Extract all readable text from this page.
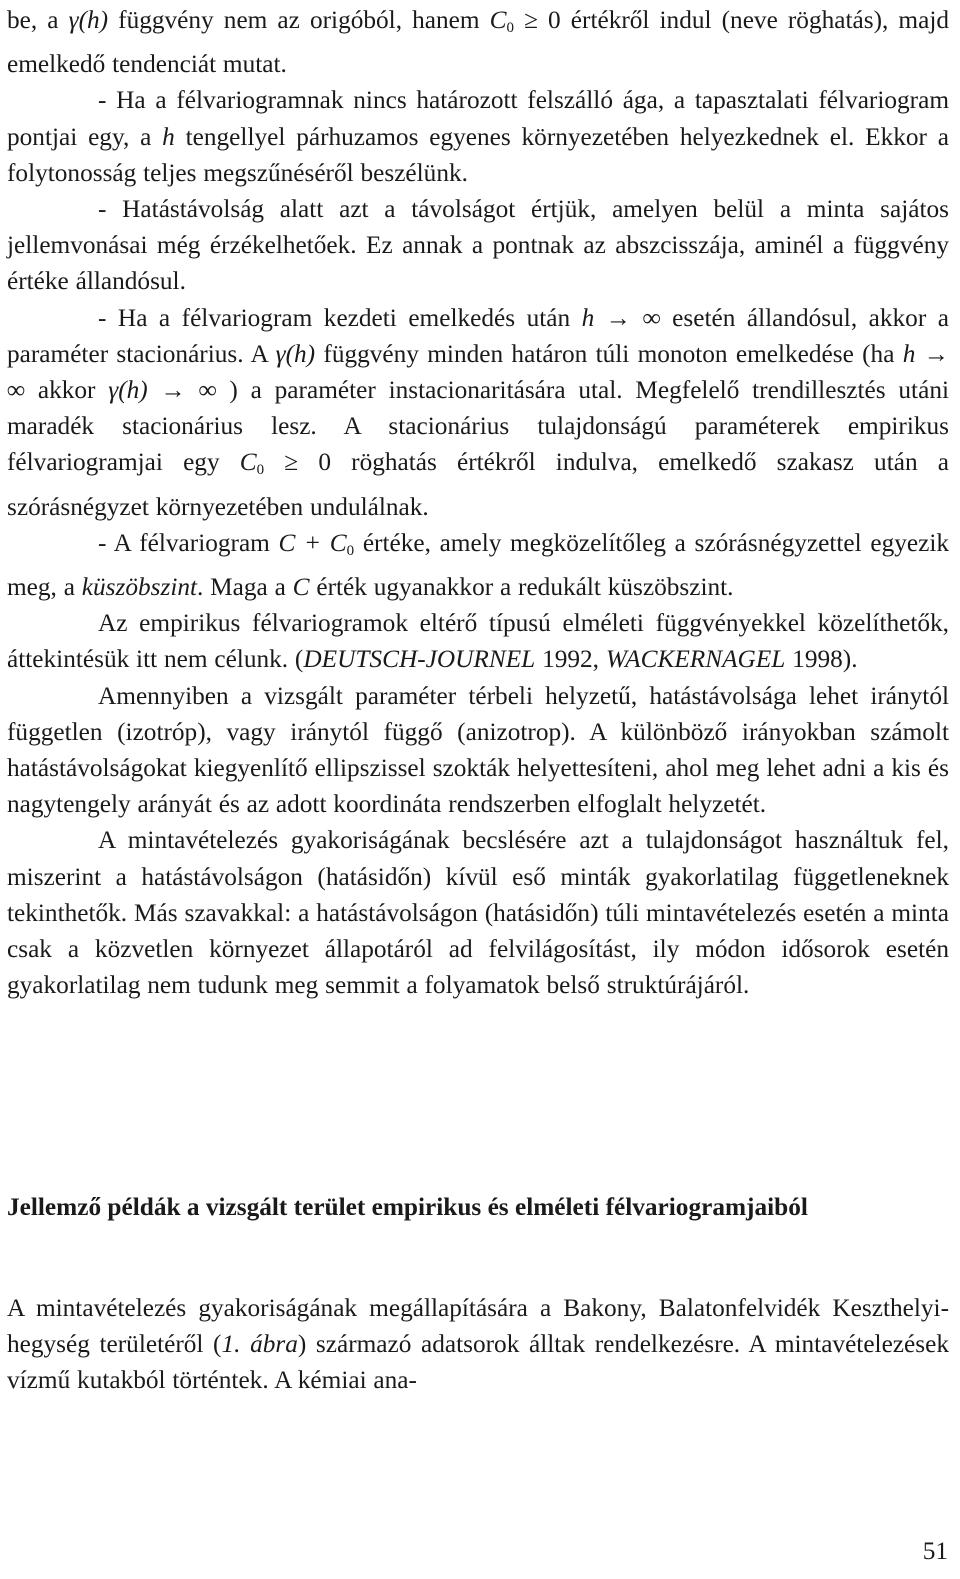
be, a γ(h) függvény nem az origóból, hanem $C_0 \ge 0$ értékről indul (neve röghatás), majd emelkedő tendenciát mutat.

- Ha a félvariogramnak nincs határozott felszálló ága, a tapasztalati félvariogram pontjai egy, a h tengellyel párhuzamos egyenes környezetében helyezkednek el. Ekkor a folytonosság teljes megszűnéséről beszélünk.

- Hatástávolság alatt azt a távolságot értjük, amelyen belül a minta sajátos jellemvonásai még érzékelhetőek. Ez annak a pontnak az abszcisszája, aminél a függvény értéke állandósul.

- Ha a félvariogram kezdeti emelkedés után h → ∞ esetén állandósul, akkor a paraméter stacionárius. A γ(h) függvény minden határon túli monoton emelkedése (ha h → ∞ akkor γ(h) → ∞ ) a paraméter instacionaritására utal. Megfelelő trendillesztés utáni maradék stacionárius lesz. A stacionárius tulajdonságú paraméterek empirikus félvariogramjai egy $C_0 \ge 0$ röghatás értékről indulva, emelkedő szakasz után a szórásnégyzet környezetében undulálnak.

- A félvariogram $C + C_0$ értéke, amely megközelítőleg a szórásnégyzettel egyezik meg, a küszöbszint. Maga a C érték ugyanakkor a redukált küszöbszint.

Az empirikus félvariogramok eltérő típusú elméleti függvényekkel közelíthetők, áttekintésük itt nem célunk. (DEUTSCH-JOURNEL 1992, WACKERNAGEL 1998).

Amennyiben a vizsgált paraméter térbeli helyzetű, hatástávolsága lehet iránytól független (izotróp), vagy iránytól függő (anizotrop). A különböző irányokban számolt hatástávolságokat kiegyenlítő ellipszissel szokták helyettesíteni, ahol meg lehet adni a kis és nagytengely arányát és az adott koordináta rendszerben elfoglalt helyzetét.

A mintavételezés gyakoriságának becslésére azt a tulajdonságot használtuk fel, miszerint a hatástávolságon (hatásidőn) kívül eső minták gyakorlatilag függetleneknek tekinthetők. Más szavakkal: a hatástávolságon (hatásidőn) túli mintavételezés esetén a minta csak a közvetlen környezet állapotáról ad felvilágosítást, ily módon idősorok esetén gyakorlatilag nem tudunk meg semmit a folyamatok belső struktúrájáról.

Jellemző példák a vizsgált terület empirikus és elméleti félvariogramjaiból

A mintavételezés gyakoriságának megállapítására a Bakony, Balatonfelvidék Keszthelyi-hegység területéről (1. ábra) származó adatsorok álltak rendelkezésre. A mintavételezések vízmű kutakból történtek. A kémiai ana-

51
